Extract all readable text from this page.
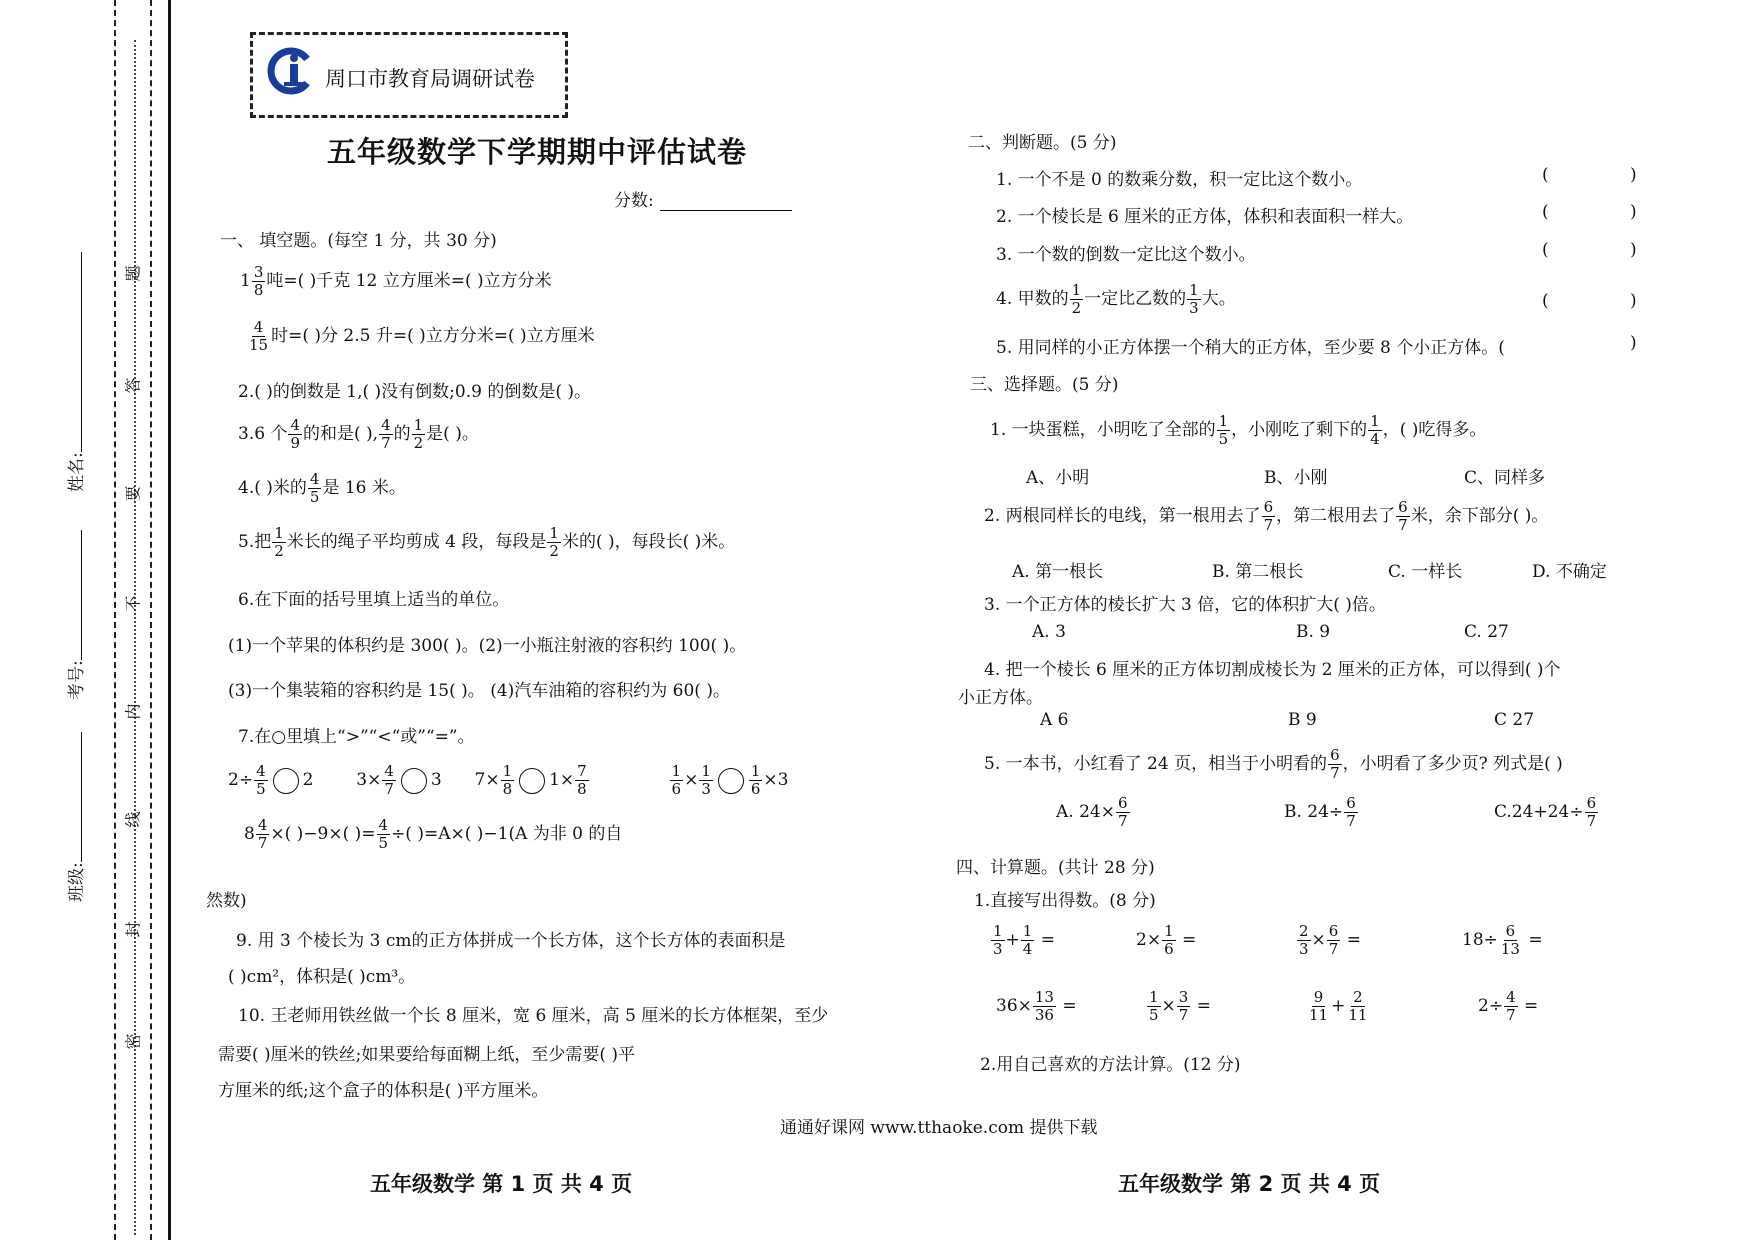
班级:
考号:
姓名:
题
答
要
不
内
线
封
密
周口市教育局调研试卷
五年级数学下学期期中评估试卷
分数:
一、 填空题。(每空 1 分，共 30 分)
$1 \frac{3}{8}$ 吨=( )千克 12 立方厘米=( )立方分米
$\frac{4}{15}$ 时=( )分 2.5 升=( )立方分米=( )立方厘米
2.( )的倒数是 1,( )没有倒数;0.9 的倒数是( )。
3.6 个 $\frac{4}{9}$ 的和是( ), $\frac{4}{7}$ 的 $\frac{1}{2}$ 是( )。
4.( )米的 $\frac{4}{5}$ 是 16 米。
5.把 $\frac{1}{2}$ 米长的绳子平均剪成 4 段，每段是 $\frac{1}{2}$ 米的( )，每段长( )米。
6.在下面的括号里填上适当的单位。
(1)一个苹果的体积约是 300( )。(2)一小瓶注射液的容积约 100( )。
(3)一个集装箱的容积约是 15( )。 (4)汽车油箱的容积约为 60( )。
7.在○里填上“>”“<“或”“=”。
$2\div \frac{4}{5} 2$	$3\times \frac{4}{7} 3$ $7\times \frac{1}{8} 1\times \frac{7}{8}$
	$\frac{1}{6} \times \frac{1}{3} \frac{1}{6} \times 3$
$8 \frac{4}{7}$ ×( )−9×( )= $\frac{4}{5}$ ÷( )=A×( )−1(A 为非 0 的自
然数)
9. 用 3 个棱长为 3 cm的正方体拼成一个长方体，这个长方体的表面积是
( )cm²，体积是( )cm³。
10. 王老师用铁丝做一个长 8 厘米，宽 6 厘米，高 5 厘米的长方体框架，至少
需要( )厘米的铁丝;如果要给每面糊上纸，至少需要( )平
方厘米的纸;这个盒子的体积是( )平方厘米。
通通好课网 www.tthaoke.com 提供下载
五年级数学 第 1 页 共 4 页	五年级数学 第 2 页 共 4 页
二、判断题。(5 分)
1. 一个不是 0 的数乘分数，积一定比这个数小。	(	)
2. 一个棱长是 6 厘米的正方体，体积和表面积一样大。	(	)
3. 一个数的倒数一定比这个数小。	(	)
4. 甲数的 $\frac{1}{2}$ 一定比乙数的 $\frac{1}{3}$ 大。	(	)
5. 用同样的小正方体摆一个稍大的正方体，至少要 8 个小正方体。(	)
三、选择题。(5 分)
1. 一块蛋糕，小明吃了全部的 $\frac{1}{5}$ ，小刚吃了剩下的 $\frac{1}{4}$ ，( )吃得多。
A、小明	B、小刚	C、同样多
2. 两根同样长的电线，第一根用去了 $\frac{6}{7}$ ，第二根用去了 $\frac{6}{7}$ 米，余下部分( )。
A. 第一根长	B. 第二根长	C. 一样长	D. 不确定
3. 一个正方体的棱长扩大 3 倍，它的体积扩大( )倍。
A. 3	B. 9	C. 27
4. 把一个棱长 6 厘米的正方体切割成棱长为 2 厘米的正方体，可以得到( )个
小正方体。
A 6	B 9	C 27
5. 一本书，小红看了 24 页，相当于小明看的 $\frac{6}{7}$ ，小明看了多少页? 列式是( )
A. $24\times \frac{6}{7}$	B. $24\div \frac{6}{7}$	$C.24+24\div \frac{6}{7}$
四、计算题。(共计 28 分)
1.直接写出得数。(8 分)
$\frac{1}{3} + \frac{1}{4}$ =	$2\times \frac{1}{6}$ =	$\frac{2}{3} \times \frac{6}{7}$ =	$18\div \frac{6}{13}$ =
$36\times \frac{13}{36}$ =	$\frac{1}{5} \times \frac{3}{7}$ =	$\frac{9}{11} + \frac{2}{11}$	$2\div \frac{4}{7}$ =
2.用自己喜欢的方法计算。(12 分)
